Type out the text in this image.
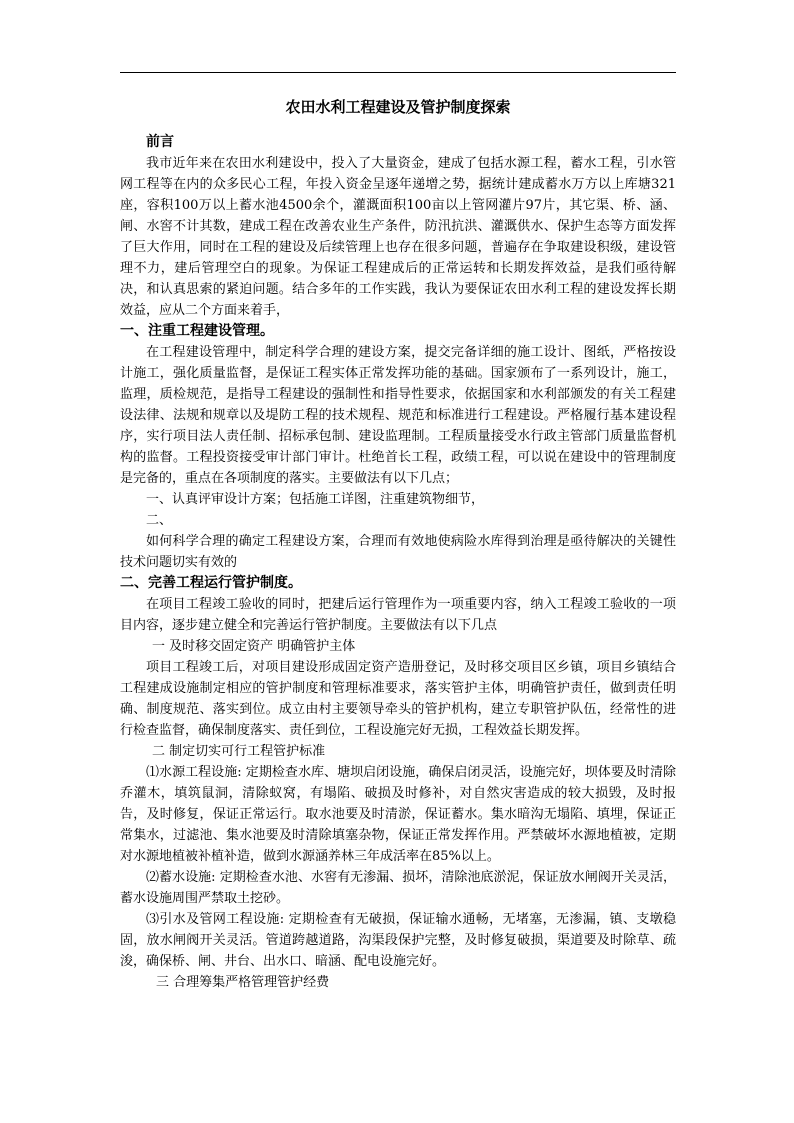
农田水利工程建设及管护制度探索

前言

我市近年来在农田水利建设中，投入了大量资金，建成了包括水源工程，蓄水工程，引水管网工程等在内的众多民心工程，年投入资金呈逐年递增之势，据统计建成蓄水万方以上库塘321座，容积100万以上蓄水池4500余个，灌溉面积100亩以上管网灌片97片，其它渠、桥、涵、闸、水窖不计其数，建成工程在改善农业生产条件，防汛抗洪、灌溉供水、保护生态等方面发挥了巨大作用，同时在工程的建设及后续管理上也存在很多问题，普遍存在争取建设积级，建设管理不力，建后管理空白的现象。为保证工程建成后的正常运转和长期发挥效益，是我们亟待解决，和认真思索的紧迫问题。结合多年的工作实践，我认为要保证农田水利工程的建设发挥长期效益，应从二个方面来着手，

一、注重工程建设管理。

在工程建设管理中，制定科学合理的建设方案，提交完备详细的施工设计、图纸，严格按设计施工，强化质量监督，是保证工程实体正常发挥功能的基础。国家颁布了一系列设计，施工，监理，质检规范，是指导工程建设的强制性和指导性要求，依据国家和水利部颁发的有关工程建设法律、法规和规章以及堤防工程的技术规程、规范和标准进行工程建设。严格履行基本建设程序，实行项目法人责任制、招标承包制、建设监理制。工程质量接受水行政主管部门质量监督机构的监督。工程投资接受审计部门审计。杜绝首长工程，政绩工程，可以说在建设中的管理制度是完备的，重点在各项制度的落实。主要做法有以下几点；

一、认真评审设计方案；包括施工详图，注重建筑物细节，

二、

如何科学合理的确定工程建设方案，合理而有效地使病险水库得到治理是亟待解决的关键性技术问题切实有效的

二、完善工程运行管护制度。

在项目工程竣工验收的同时，把建后运行管理作为一项重要内容，纳入工程竣工验收的一项目内容，逐步建立健全和完善运行管护制度。主要做法有以下几点

一 及时移交固定资产 明确管护主体

项目工程竣工后，对项目建设形成固定资产造册登记，及时移交项目区乡镇，项目乡镇结合工程建成设施制定相应的管护制度和管理标准要求，落实管护主体，明确管护责任，做到责任明确、制度规范、落实到位。成立由村主要领导牵头的管护机构，建立专职管护队伍，经常性的进行检查监督，确保制度落实、责任到位，工程设施完好无损，工程效益长期发挥。

二 制定切实可行工程管护标准

⑴水源工程设施: 定期检查水库、塘坝启闭设施，确保启闭灵活，设施完好，坝体要及时清除乔灌木，填筑鼠洞，清除蚁窝，有塌陷、破损及时修补，对自然灾害造成的较大损毁，及时报告，及时修复，保证正常运行。取水池要及时清淤，保证蓄水。集水暗沟无塌陷、填埋，保证正常集水，过滤池、集水池要及时清除填塞杂物，保证正常发挥作用。严禁破坏水源地植被，定期对水源地植被补植补造，做到水源涵养林三年成活率在85%以上。

⑵蓄水设施: 定期检查水池、水窖有无渗漏、损坏，清除池底淤泥，保证放水闸阀开关灵活，蓄水设施周围严禁取土挖砂。

⑶引水及管网工程设施: 定期检查有无破损，保证输水通畅，无堵塞，无渗漏，镇、支墩稳固，放水闸阀开关灵活。管道跨越道路，沟渠段保护完整，及时修复破损，渠道要及时除草、疏浚，确保桥、闸、井台、出水口、暗涵、配电设施完好。

三 合理筹集严格管理管护经费
